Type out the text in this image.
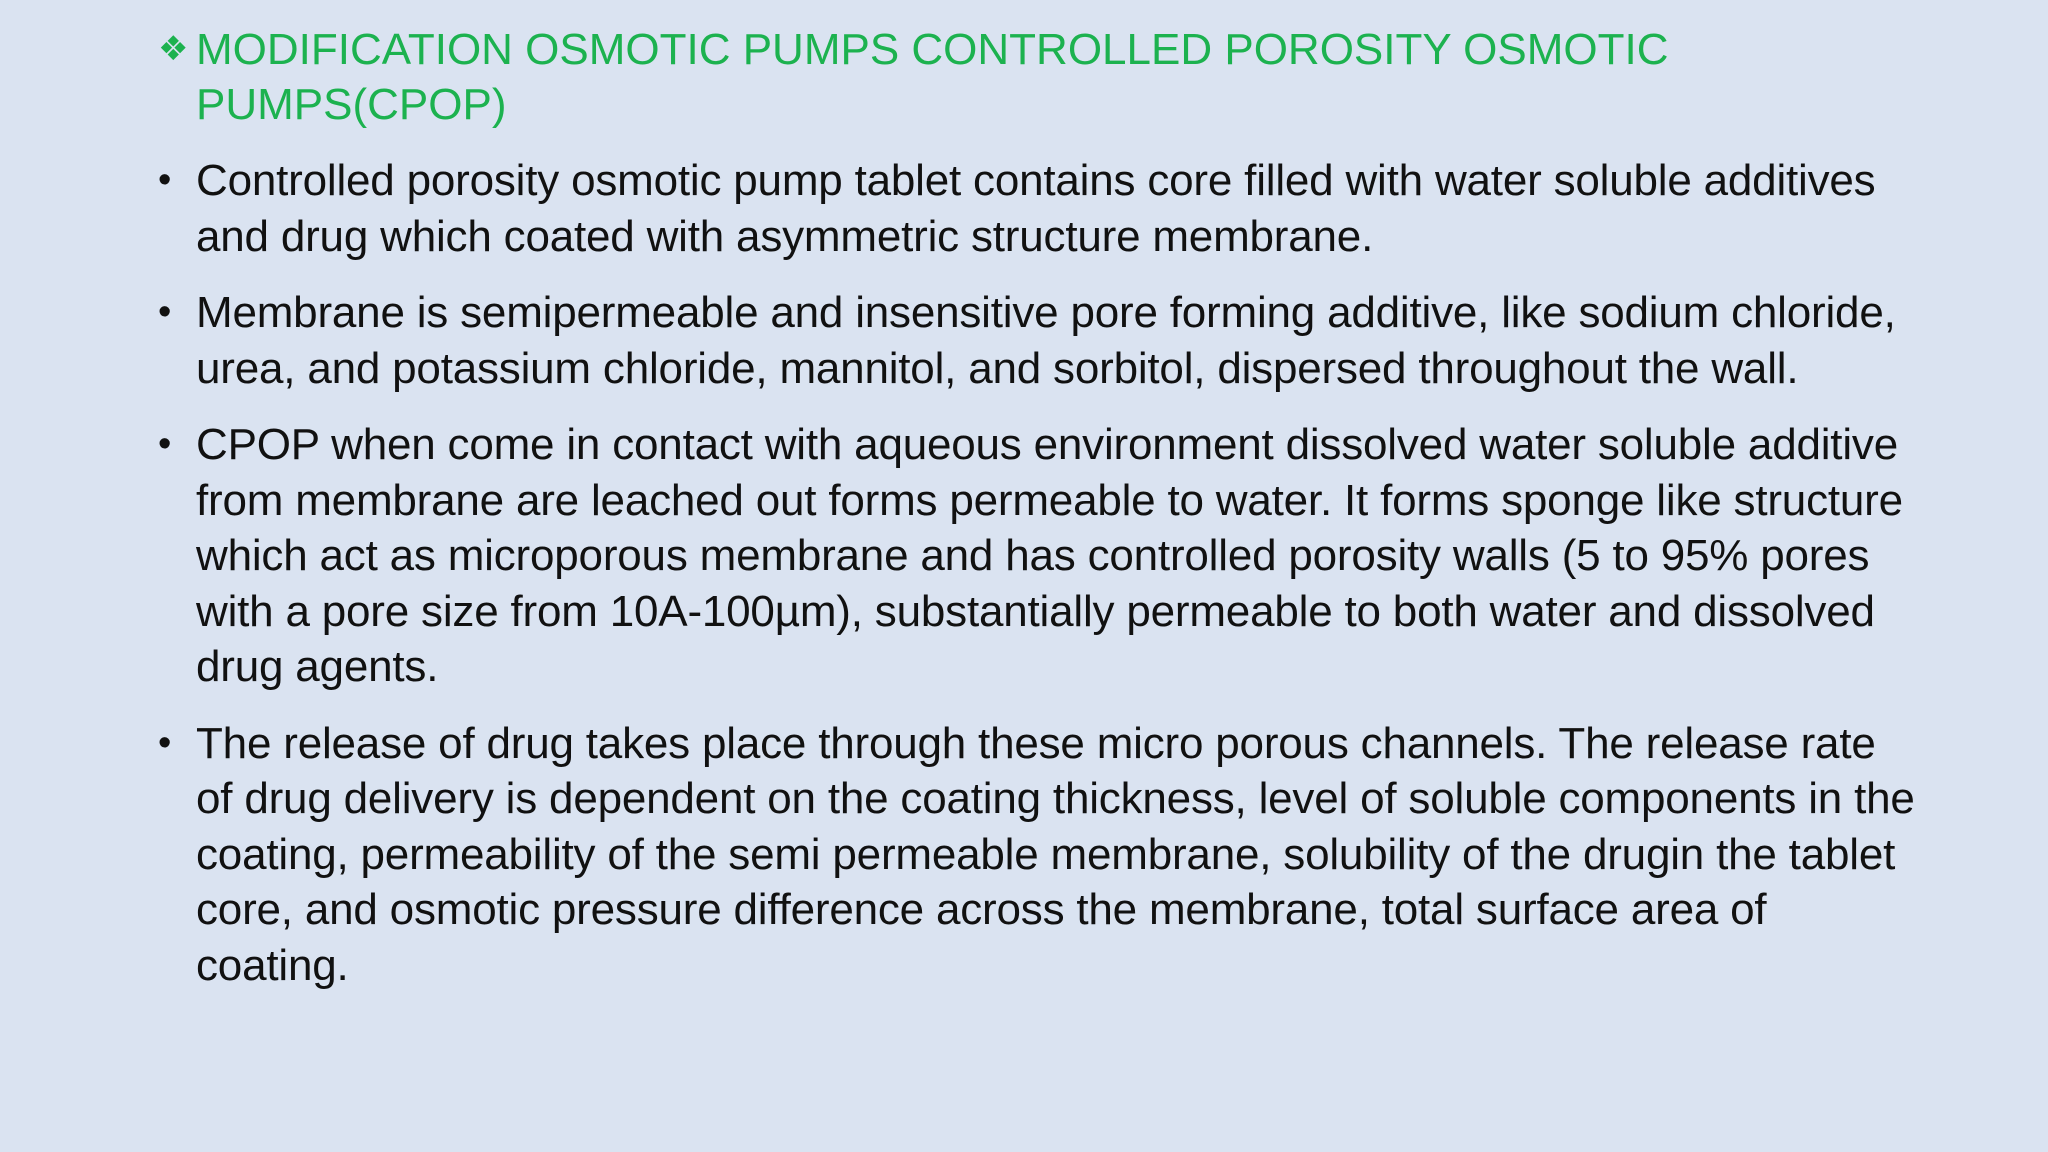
❖ MODIFICATION OSMOTIC PUMPS CONTROLLED POROSITY OSMOTIC PUMPS(CPOP)
• Controlled porosity osmotic pump tablet contains core filled with water soluble additives and drug which coated with asymmetric structure membrane.
• Membrane is semipermeable and insensitive pore forming additive, like sodium chloride, urea, and potassium chloride, mannitol, and sorbitol, dispersed throughout the wall.
• CPOP when come in contact with aqueous environment dissolved water soluble additive from membrane are leached out forms permeable to water. It forms sponge like structure which act as microporous membrane and has controlled porosity walls (5 to 95% pores with a pore size from 10A-100µm), substantially permeable to both water and dissolved drug agents.
• The release of drug takes place through these micro porous channels. The release rate of drug delivery is dependent on the coating thickness, level of soluble components in the coating, permeability of the semi permeable membrane, solubility of the drugin the tablet core, and osmotic pressure difference across the membrane, total surface area of coating.
